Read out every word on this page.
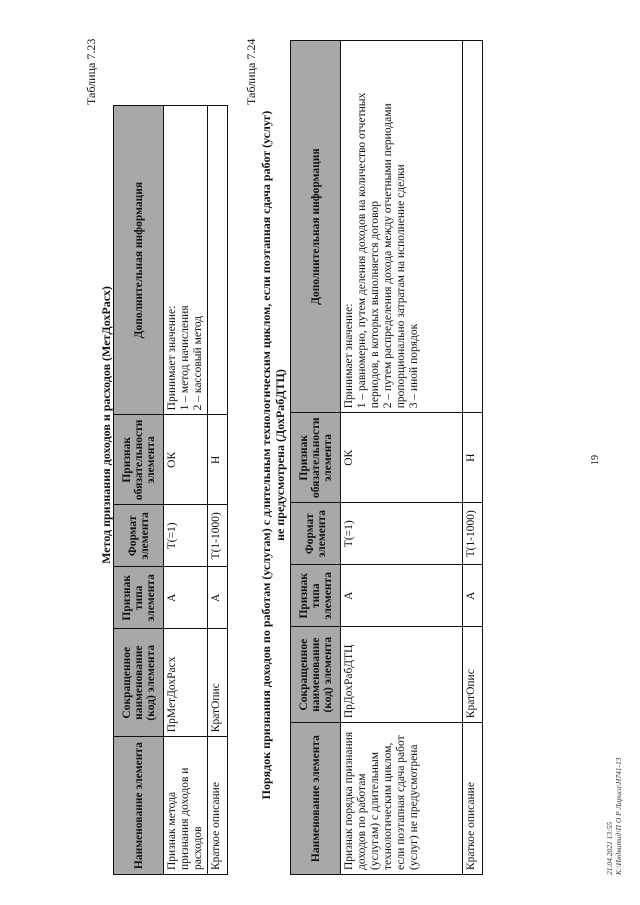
19
Таблица 7.23
Метод признания доходов и расходов (МетДохРасх)
Наименование элемента	Сокращенное наименование (код) элемента	Признак типа элемента	Формат элемента	Признак обязательности элемента	Дополнительная информация
Признак метода признания доходов и расходов	ПрМетДохРасх	А	Т(=1)	ОК	Принимает значение: 1 – метод начисления 2 – кассовый метод

Краткое описание	КратОпис	А	Т(1-1000)	Н	
Таблица 7.24
Порядок признания доходов по работам (услугам) с длительным технологическим циклом, если поэтапная сдача работ (услуг) не предусмотрена (ДохРабДТЦ)
Наименование элемента	Сокращенное наименование (код) элемента	Признак типа элемента	Формат элемента	Признак обязательности элемента	Дополнительная информация
Признак порядка признания доходов по работам (услугам) с длительным технологическим циклом, если поэтапная сдача работ (услуг) не предусмотрена	ПрДохРабДТЦ	А	Т(=1)	ОК	Принимает значение: 1 – равномерно, путем деления доходов на количество отчетных периодов, в которых выполняется договор 2 – путем распределения дохода между отчетными периодами пропорционально затратам на исполнение сделки 3 – иной порядок

Краткое описание	КратОпис	А	Т(1-1000)	Н	
21.04.2021 13:55 К:\Индвитид\П О Р Лариса\Н741-13
